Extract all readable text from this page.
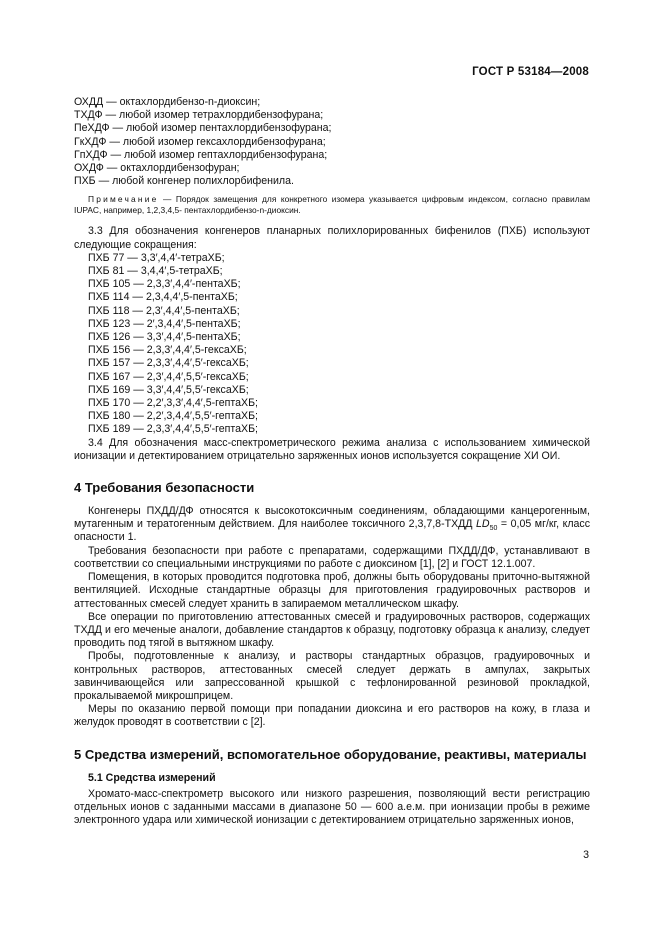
ГОСТ Р 53184—2008

ОХДД — октахлордибензо-n-диоксин;

ТХДФ — любой изомер тетрахлордибензофурана;

ПеХДФ — любой изомер пентахлордибензофурана;

ГкХДФ — любой изомер гексахлордибензофурана;

ГпХДФ — любой изомер гептахлордибензофурана;

ОХДФ — октахлордибензофуран;

ПХБ — любой конгенер полихлорбифенила.

Примечание — Порядок замещения для конкретного изомера указывается цифровым индексом, согласно правилам IUPAC, например, 1,2,3,4,5- пентахлордибензо-n-диоксин.

3.3 Для обозначения конгенеров планарных полихлорированных бифенилов (ПХБ) используют следующие сокращения:

ПХБ 77 — 3,3′,4,4′-тетраХБ;

ПХБ 81 — 3,4,4′,5-тетраХБ;

ПХБ 105 — 2,3,3′,4,4′-пентаХБ;

ПХБ 114 — 2,3,4,4′,5-пентаХБ;

ПХБ 118 — 2,3′,4,4′,5-пентаХБ;

ПХБ 123 — 2′,3,4,4′,5-пентаХБ;

ПХБ 126 — 3,3′,4,4′,5-пентаХБ;

ПХБ 156 — 2,3,3′,4,4′,5-гексаХБ;

ПХБ 157 — 2,3,3′,4,4′,5′-гексаХБ;

ПХБ 167 — 2,3′,4,4′,5,5′-гексаХБ;

ПХБ 169 — 3,3′,4,4′,5,5′-гексаХБ;

ПХБ 170 — 2,2′,3,3′,4,4′,5-гептаХБ;

ПХБ 180 — 2,2′,3,4,4′,5,5′-гептаХБ;

ПХБ 189 — 2,3,3′,4,4′,5,5′-гептаХБ;

3.4 Для обозначения масс-спектрометрического режима анализа с использованием химической ионизации и детектированием отрицательно заряженных ионов используется сокращение ХИ ОИ.

4 Требования безопасности

Конгенеры ПХДД/ДФ относятся к высокотоксичным соединениям, обладающими канцерогенным, мутагенным и тератогенным действием. Для наиболее токсичного 2,3,7,8-ТХДД $LD_{50} = 0,05$ мг/кг, класс опасности 1.

Требования безопасности при работе с препаратами, содержащими ПХДД/ДФ, устанавливают в соответствии со специальными инструкциями по работе с диоксином [1], [2] и ГОСТ 12.1.007.

Помещения, в которых проводится подготовка проб, должны быть оборудованы приточно-вытяжной вентиляцией. Исходные стандартные образцы для приготовления градуировочных растворов и аттестованных смесей следует хранить в запираемом металлическом шкафу.

Все операции по приготовлению аттестованных смесей и градуировочных растворов, содержащих ТХДД и его меченые аналоги, добавление стандартов к образцу, подготовку образца к анализу, следует проводить под тягой в вытяжном шкафу.

Пробы, подготовленные к анализу, и растворы стандартных образцов, градуировочных и контрольных растворов, аттестованных смесей следует держать в ампулах, закрытых завинчивающейся или запрессованной крышкой с тефлонированной резиновой прокладкой, прокалываемой микрошприцем.

Меры по оказанию первой помощи при попадании диоксина и его растворов на кожу, в глаза и желудок проводят в соответствии с [2].

5 Средства измерений, вспомогательное оборудование, реактивы, материалы
5.1 Средства измерений

Хромато-масс-спектрометр высокого или низкого разрешения, позволяющий вести регистрацию отдельных ионов с заданными массами в диапазоне 50 — 600 а.е.м. при ионизации пробы в режиме электронного удара или химической ионизации с детектированием отрицательно заряженных ионов,

3
